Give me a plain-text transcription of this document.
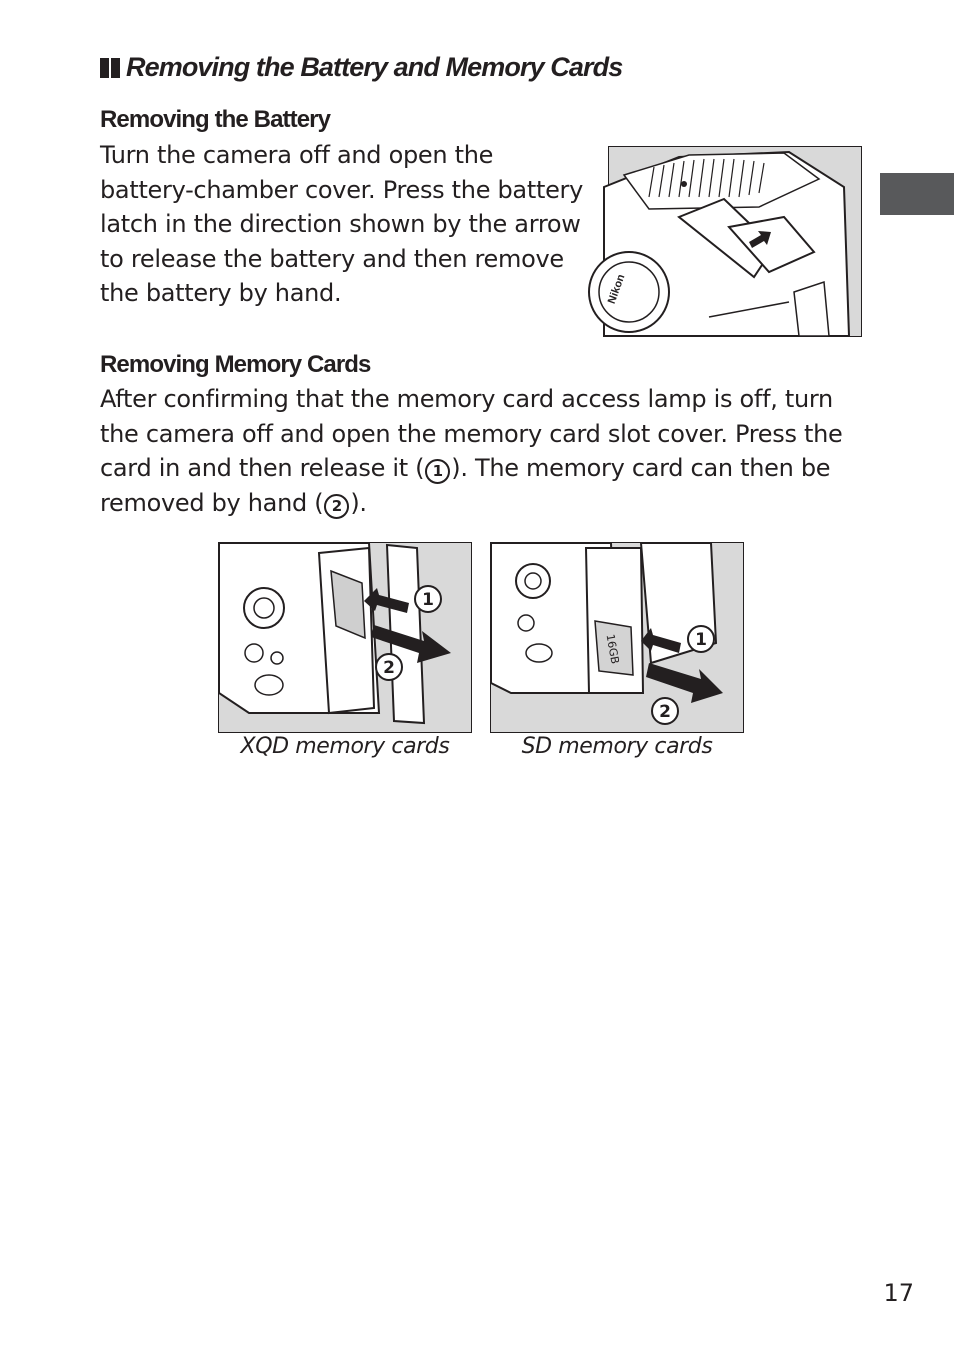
Removing the Battery and Memory Cards
Removing the Battery
Turn the camera off and open the
battery-chamber cover. Press the battery
latch in the direction shown by the arrow
to release the battery and then remove
the battery by hand.	Nikon
Removing Memory Cards
After confirming that the memory card access lamp is off, turn
the camera off and open the memory card slot cover. Press the
card in and then release it ( 1 ). The memory card can then be
removed by hand ( 2 ).
1
2
16GB	1
2
XQD memory cards	SD memory cards
17
